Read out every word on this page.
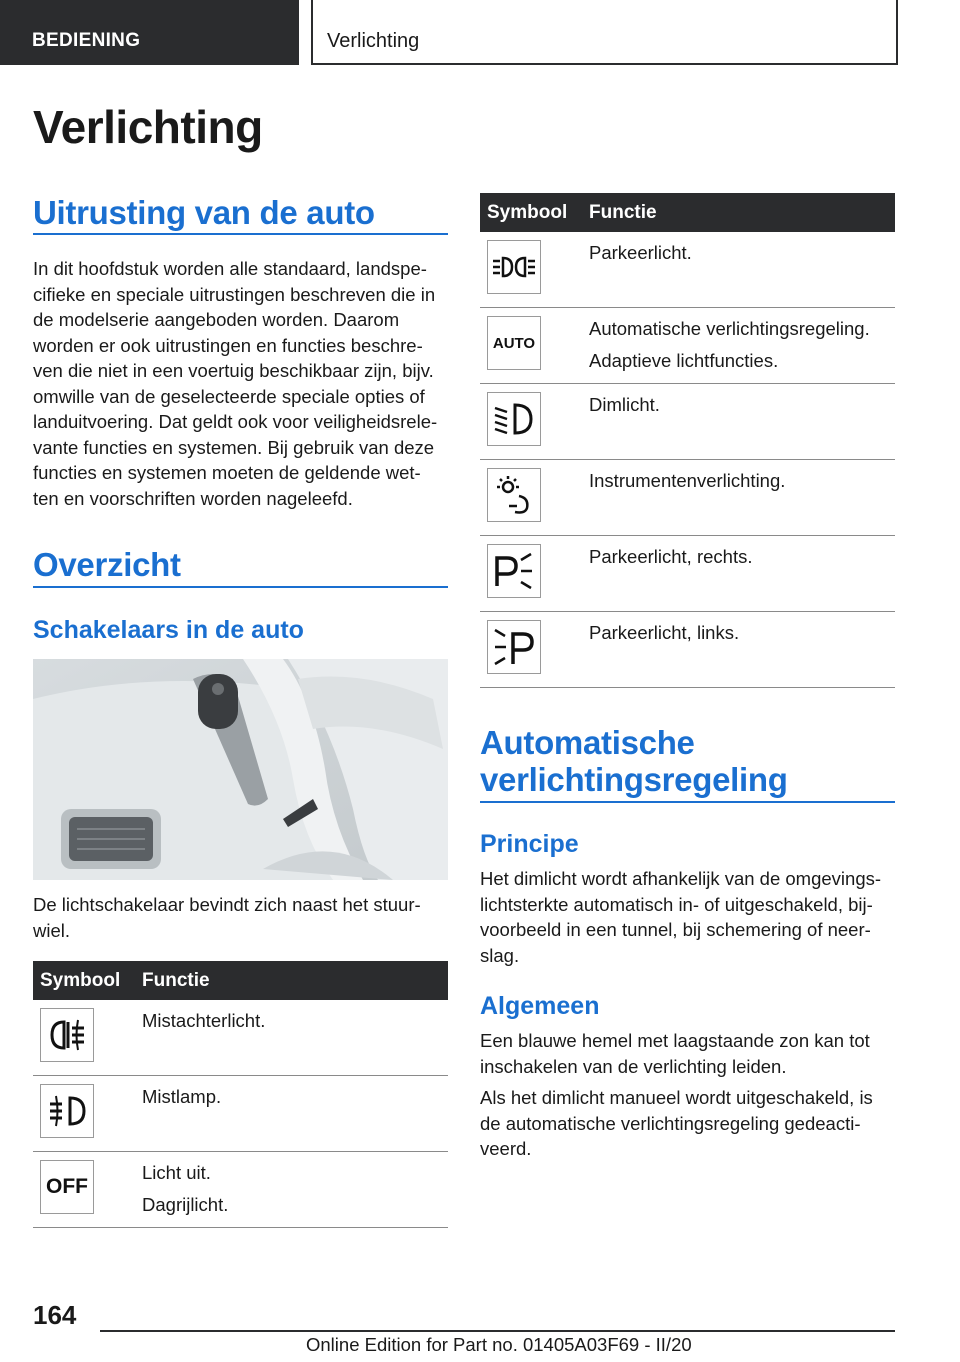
BEDIENING	Verlichting
Verlichting
Uitrusting van de auto

In dit hoofdstuk worden alle standaard, landspe-
cifieke en speciale uitrustingen beschreven die in
de modelserie aangeboden worden. Daarom
worden er ook uitrustingen en functies beschre-
ven die niet in een voertuig beschikbaar zijn, bijv.
omwille van de geselecteerde speciale opties of
landuitvoering. Dat geldt ook voor veiligheidsrele-
vante functies en systemen. Bij gebruik van deze
functies en systemen moeten de geldende wet-
ten en voorschriften worden nageleefd.

Overzicht
Schakelaars in de auto

De lichtschakelaar bevindt zich naast het stuur-
wiel.

Symbool Functie
Mistachterlicht.
Mistlamp.
OFF
Licht uit.
Dagrijlicht.
Symbool Functie
Parkeerlicht.
AUTO
Automatische verlichtingsregeling.
Adaptieve lichtfuncties.
Dimlicht.
Instrumentenverlichting.
Parkeerlicht, rechts.
Parkeerlicht, links.
Automatische
verlichtingsregeling
Principe

Het dimlicht wordt afhankelijk van de omgevings-
lichtsterkte automatisch in- of uitgeschakeld, bij-
voorbeeld in een tunnel, bij schemering of neer-
slag.

Algemeen

Een blauwe hemel met laagstaande zon kan tot
inschakelen van de verlichting leiden.

Als het dimlicht manueel wordt uitgeschakeld, is
de automatische verlichtingsregeling gedeacti-
veerd.

164
Online Edition for Part no. 01405A03F69 - II/20
